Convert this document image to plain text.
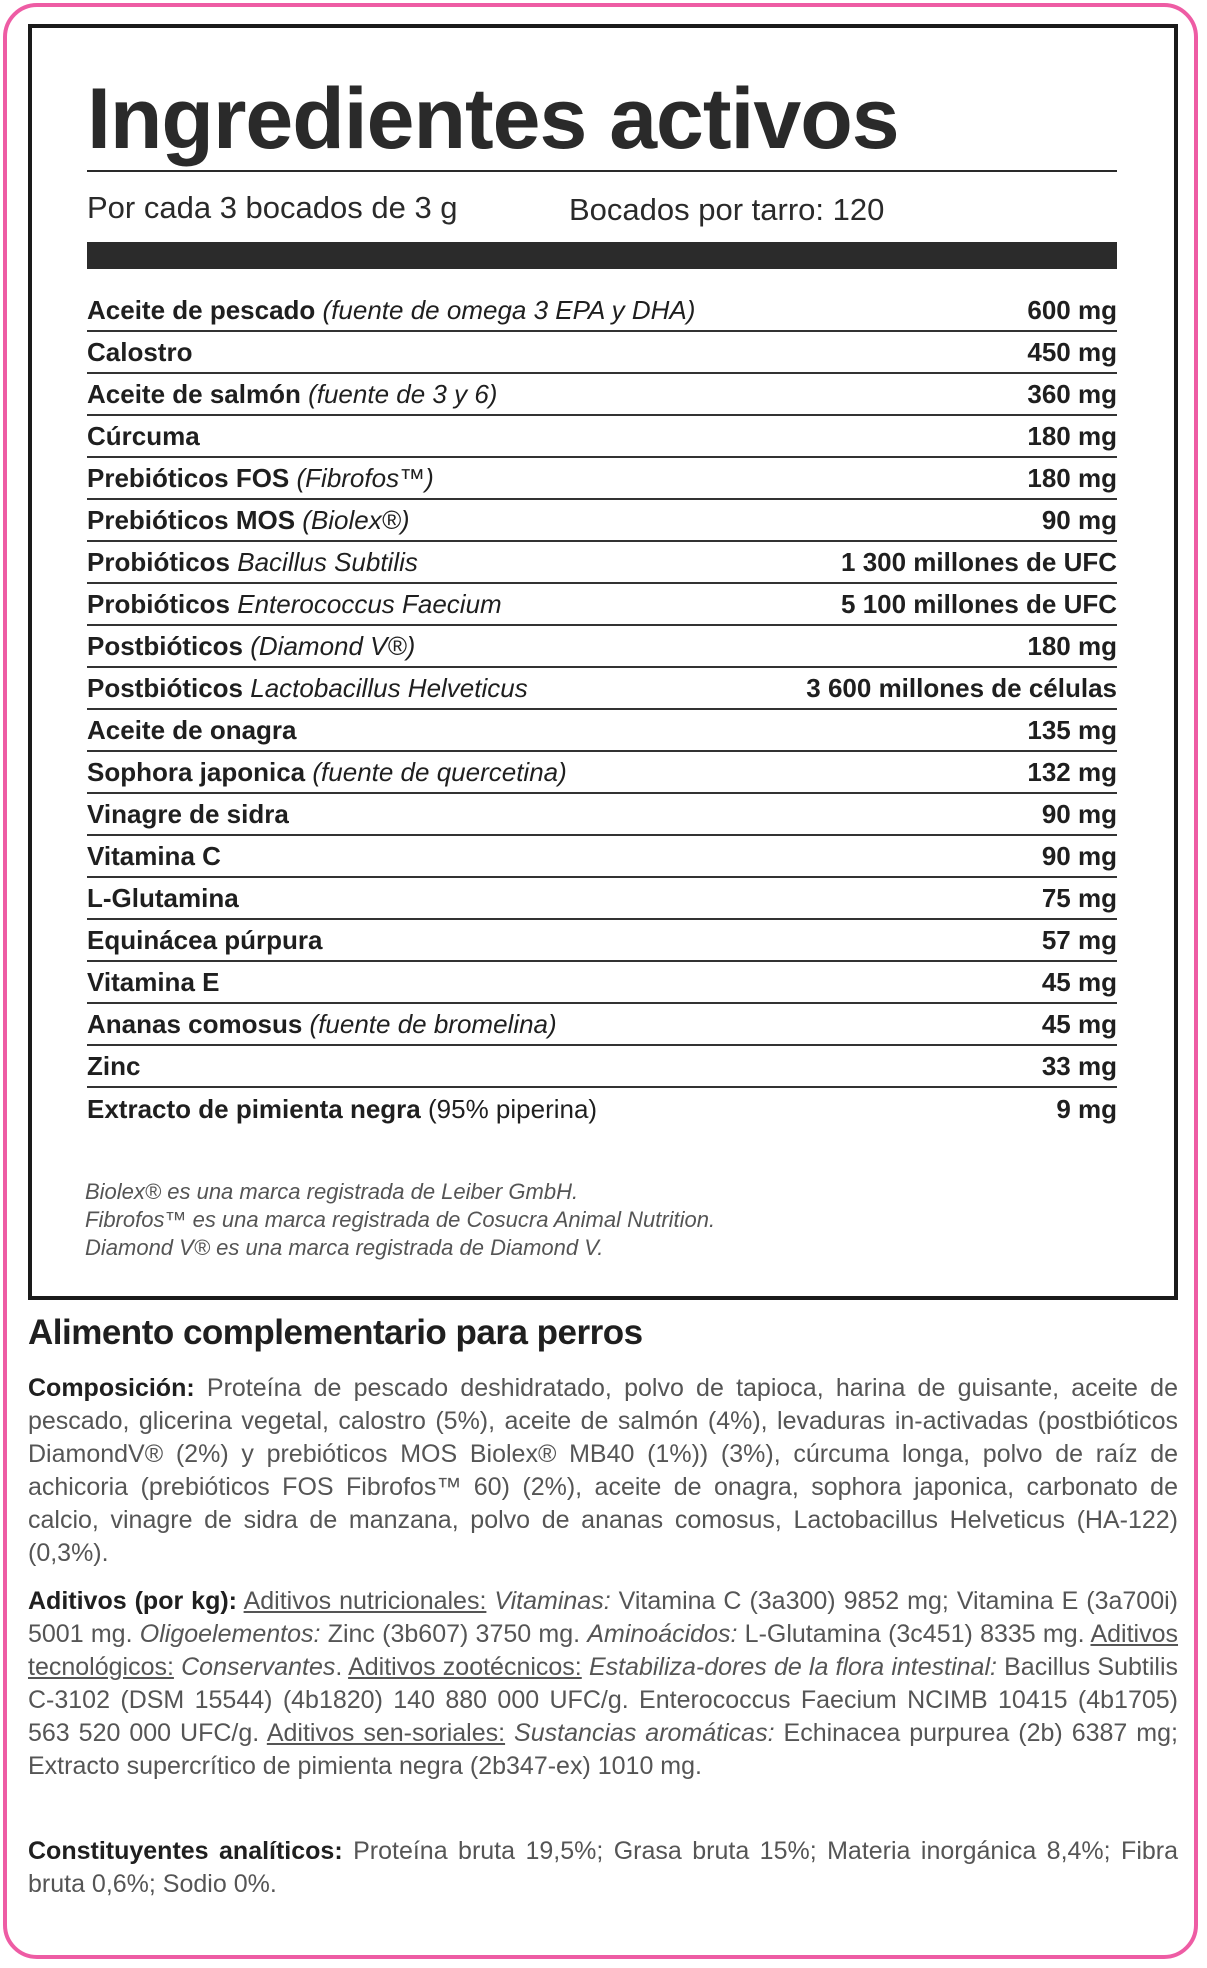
Ingredientes activos
Por cada 3 bocados de 3 g	Bocados por tarro: 120
Aceite de pescado (fuente de omega 3 EPA y DHA)	600 mg
Calostro	450 mg
Aceite de salmón (fuente de 3 y 6)	360 mg
Cúrcuma	180 mg
Prebióticos FOS (Fibrofos™)	180 mg
Prebióticos MOS (Biolex®)	90 mg
Probióticos Bacillus Subtilis	1 300 millones de UFC
Probióticos Enterococcus Faecium	5 100 millones de UFC
Postbióticos (Diamond V®)	180 mg
Postbióticos Lactobacillus Helveticus	3 600 millones de células
Aceite de onagra	135 mg
Sophora japonica (fuente de quercetina)	132 mg
Vinagre de sidra	90 mg
Vitamina C	90 mg
L-Glutamina	75 mg
Equinácea púrpura	57 mg
Vitamina E	45 mg
Ananas comosus (fuente de bromelina)	45 mg
Zinc	33 mg
Extracto de pimienta negra (95% piperina)	9 mg
Biolex® es una marca registrada de Leiber GmbH.
Fibrofos™ es una marca registrada de Cosucra Animal Nutrition.
Diamond V® es una marca registrada de Diamond V.
Alimento complementario para perros

Composición: Proteína de pescado deshidratado, polvo de tapioca, harina de guisante, aceite de pescado, glicerina vegetal, calostro (5%), aceite de salmón (4%), levaduras in-activadas (postbióticos DiamondV® (2%) y prebióticos MOS Biolex® MB40 (1%)) (3%), cúrcuma longa, polvo de raíz de achicoria (prebióticos FOS Fibrofos™ 60) (2%), aceite de onagra, sophora japonica, carbonato de calcio, vinagre de sidra de manzana, polvo de ananas comosus, Lactobacillus Helveticus (HA-122) (0,3%).

Aditivos (por kg): Aditivos nutricionales: Vitaminas: Vitamina C (3a300) 9852 mg; Vitamina E (3a700i) 5001 mg. Oligoelementos: Zinc (3b607) 3750 mg. Aminoácidos: L-Glutamina (3c451) 8335 mg. Aditivos tecnológicos: Conservantes. Aditivos zootécnicos: Estabiliza-dores de la flora intestinal: Bacillus Subtilis C-3102 (DSM 15544) (4b1820) 140 880 000 UFC/g. Enterococcus Faecium NCIMB 10415 (4b1705) 563 520 000 UFC/g. Aditivos sen-soriales: Sustancias aromáticas: Echinacea purpurea (2b) 6387 mg; Extracto supercrítico de pimienta negra (2b347-ex) 1010 mg.

Constituyentes analíticos: Proteína bruta 19,5%; Grasa bruta 15%; Materia inorgánica 8,4%; Fibra bruta 0,6%; Sodio 0%.
